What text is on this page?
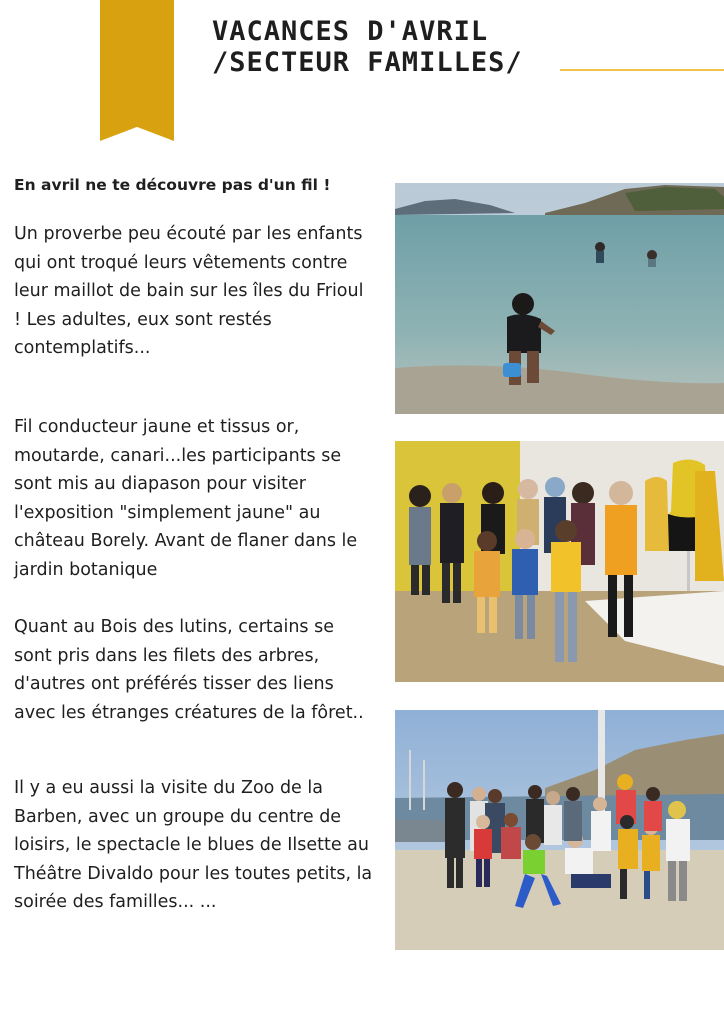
VACANCES D'AVRIL
/SECTEUR FAMILLES/

En avril ne te découvre pas d'un fil !

Un proverbe peu écouté par les enfants qui ont troqué leurs vêtements contre leur maillot de bain sur les îles du Frioul ! Les adultes, eux sont restés contemplatifs...

Fil conducteur jaune et tissus or, moutarde, canari...les participants se sont mis au diapason pour visiter l'exposition "simplement jaune" au château Borely. Avant de flaner dans le jardin botanique

Quant au Bois des lutins, certains se sont pris dans les filets des arbres, d'autres ont préférés tisser des liens avec les étranges créatures de la fôret..

Il y a eu aussi la visite du Zoo de la Barben, avec un groupe du centre de loisirs, le spectacle le blues de Ilsette au Théâtre Divaldo pour les toutes petits, la soirée des familles... ...
